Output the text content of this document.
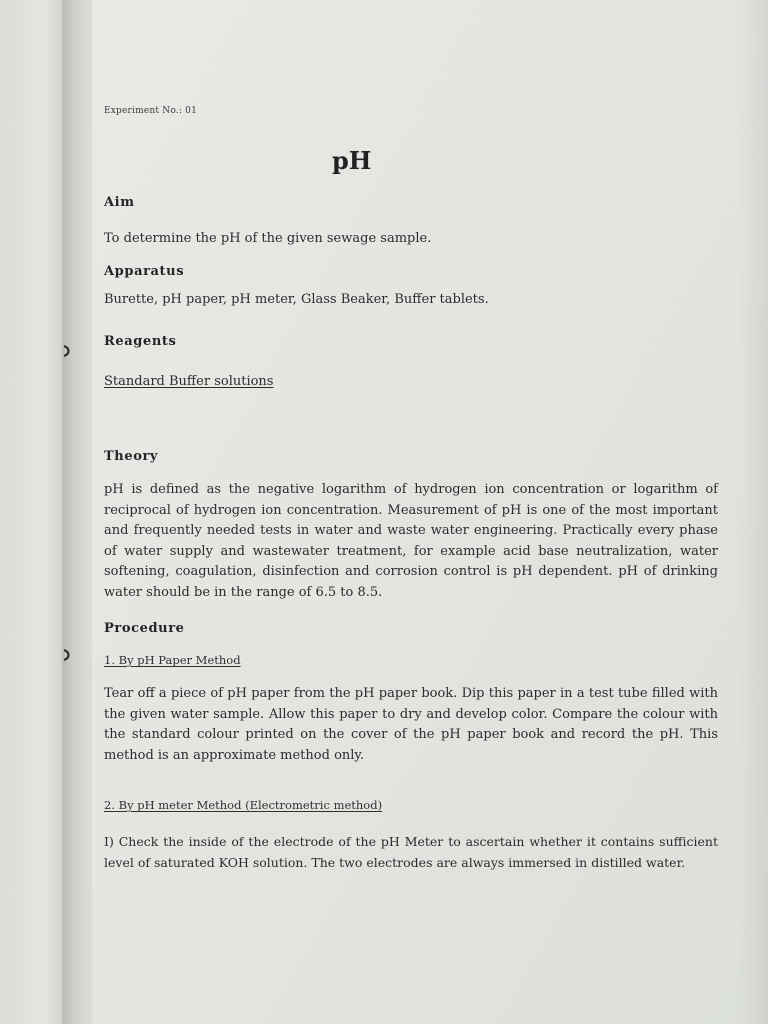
Experiment No.: 01
pH
Aim
To determine the pH of the given sewage sample.
Apparatus
Burette, pH paper, pH meter, Glass Beaker, Buffer tablets.
Reagents
Standard Buffer solutions
Theory
pH is defined as the negative logarithm of hydrogen ion concentration or logarithm of reciprocal of hydrogen ion concentration. Measurement of pH is one of the most important and frequently needed tests in water and waste water engineering. Practically every phase of water supply and wastewater treatment, for example acid base neutralization, water softening, coagulation, disinfection and corrosion control is pH dependent. pH of drinking water should be in the range of 6.5 to 8.5.
Procedure
1. By pH Paper Method
Tear off a piece of pH paper from the pH paper book. Dip this paper in a test tube filled with the given water sample. Allow this paper to dry and develop color. Compare the colour with the standard colour printed on the cover of the pH paper book and record the pH. This method is an approximate method only.
2. By pH meter Method (Electrometric method)
I) Check the inside of the electrode of the pH Meter to ascertain whether it contains sufficient level of saturated KOH solution. The two electrodes are always immersed in distilled water.
